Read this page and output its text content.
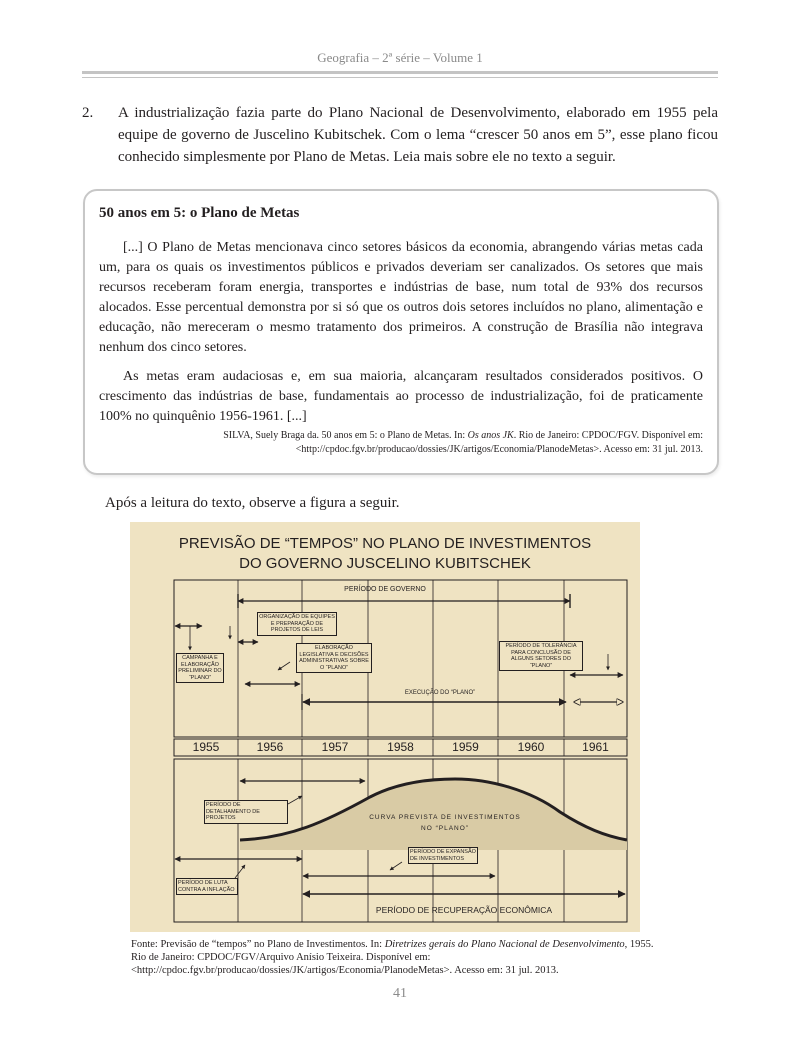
Geografia – 2ª série – Volume 1
2. A industrialização fazia parte do Plano Nacional de Desenvolvimento, elaborado em 1955 pela equipe de governo de Juscelino Kubitschek. Com o lema “crescer 50 anos em 5”, esse plano ficou conhecido simplesmente por Plano de Metas. Leia mais sobre ele no texto a seguir.
50 anos em 5: o Plano de Metas

[...] O Plano de Metas mencionava cinco setores básicos da economia, abrangendo várias metas cada um, para os quais os investimentos públicos e privados deveriam ser canalizados. Os setores que mais recursos receberam foram energia, transportes e indústrias de base, num total de 93% dos recursos alocados. Esse percentual demonstra por si só que os outros dois setores incluídos no plano, alimentação e educação, não mereceram o mesmo tratamento dos primeiros. A construção de Brasília não integrava nenhum dos cinco setores.

As metas eram audaciosas e, em sua maioria, alcançaram resultados considerados positivos. O crescimento das indústrias de base, fundamentais ao processo de industrialização, foi de praticamente 100% no quinquênio 1956-1961. [...]

SILVA, Suely Braga da. 50 anos em 5: o Plano de Metas. In: Os anos JK. Rio de Janeiro: CPDOC/FGV. Disponível em: <http://cpdoc.fgv.br/producao/dossies/JK/artigos/Economia/PlanodeMetas>. Acesso em: 31 jul. 2013.
Após a leitura do texto, observe a figura a seguir.
PREVISÃO DE “TEMPOS” NO PLANO DE INVESTIMENTOS
DO GOVERNO JUSCELINO KUBITSCHEK
PERÍODO DE GOVERNO
ORGANIZAÇÃO DE EQUIPES E PREPARAÇÃO DE PROJETOS DE LEIS
ELABORAÇÃO LEGISLATIVA E DECISÕES ADMINISTRATIVAS SOBRE O “PLANO”
PERÍODO DE TOLERÂNCIA PARA CONCLUSÃO DE ALGUNS SETORES DO “PLANO”
CAMPANHA E ELABORAÇÃO PRELIMINAR DO “PLANO”
EXECUÇÃO DO “PLANO”
1955	1956	1957	1958	1959	1960	1961
PERÍODO DE DETALHAMENTO DE PROJETOS	CURVA PREVISTA DE INVESTIMENTOS
NO “PLANO”
PERÍODO DE EXPANSÃO DE INVESTIMENTOS
PERÍODO DE LUTA CONTRA A INFLAÇÃO
PERÍODO DE RECUPERAÇÃO ECONÔMICA
Fonte: Previsão de “tempos” no Plano de Investimentos. In: Diretrizes gerais do Plano Nacional de Desenvolvimento, 1955. Rio de Janeiro: CPDOC/FGV/Arquivo Anísio Teixeira. Disponível em: <http://cpdoc.fgv.br/producao/dossies/JK/artigos/Economia/PlanodeMetas>. Acesso em: 31 jul. 2013.
41
